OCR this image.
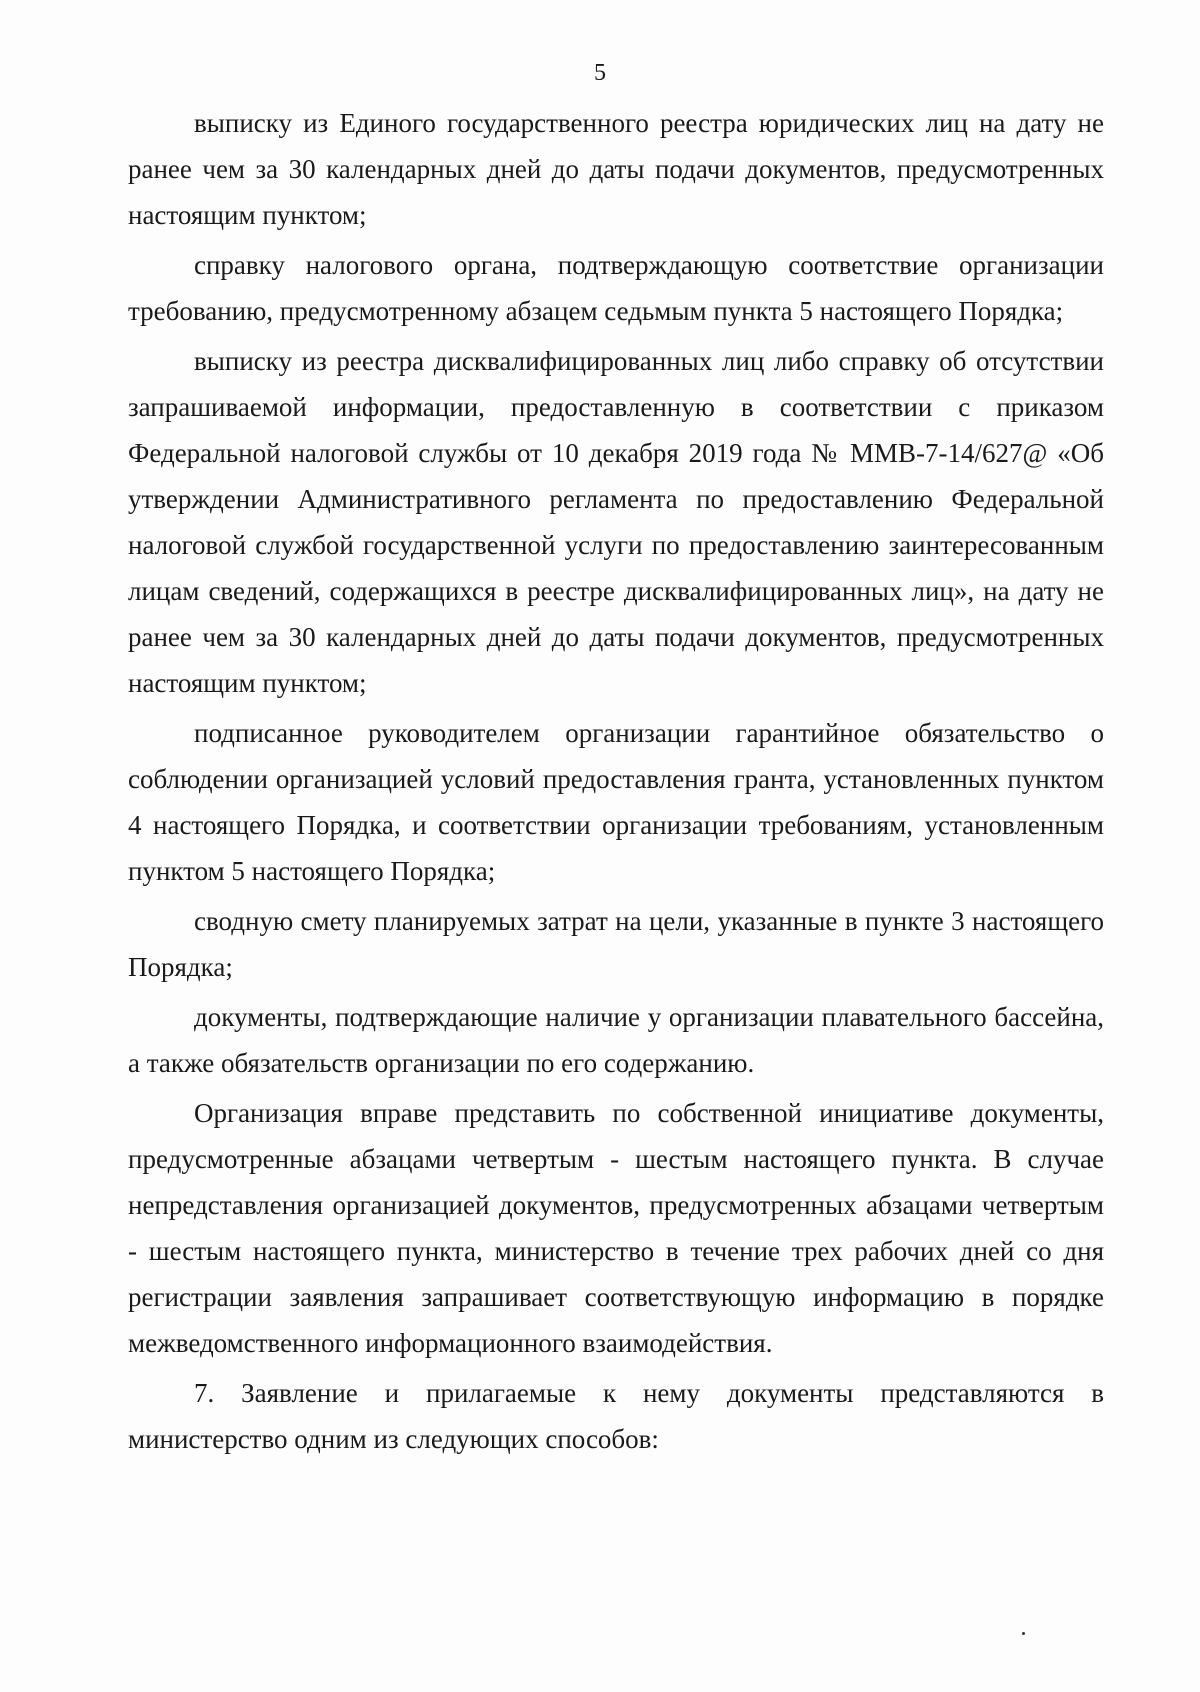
5

выписку из Единого государственного реестра юридических лиц на дату не ранее чем за 30 календарных дней до даты подачи документов, предусмотренных настоящим пунктом;

справку налогового органа, подтверждающую соответствие организации требованию, предусмотренному абзацем седьмым пункта 5 настоящего Порядка;

выписку из реестра дисквалифицированных лиц либо справку об отсутствии запрашиваемой информации, предоставленную в соответствии с приказом Федеральной налоговой службы от 10 декабря 2019 года № ММВ-7-14/627@ «Об утверждении Административного регламента по предоставлению Федеральной налоговой службой государственной услуги по предоставлению заинтересованным лицам сведений, содержащихся в реестре дисквалифицированных лиц», на дату не ранее чем за 30 календарных дней до даты подачи документов, предусмотренных настоящим пунктом;

подписанное руководителем организации гарантийное обязательство о соблюдении организацией условий предоставления гранта, установленных пунктом 4 настоящего Порядка, и соответствии организации требованиям, установленным пунктом 5 настоящего Порядка;

сводную смету планируемых затрат на цели, указанные в пункте 3 настоящего Порядка;

документы, подтверждающие наличие у организации плавательного бассейна, а также обязательств организации по его содержанию.

Организация вправе представить по собственной инициативе документы, предусмотренные абзацами четвертым - шестым настоящего пункта. В случае непредставления организацией документов, предусмотренных абзацами четвертым - шестым настоящего пункта, министерство в течение трех рабочих дней со дня регистрации заявления запрашивает соответствующую информацию в порядке межведомственного информационного взаимодействия.

7. Заявление и прилагаемые к нему документы представляются в министерство одним из следующих способов:
